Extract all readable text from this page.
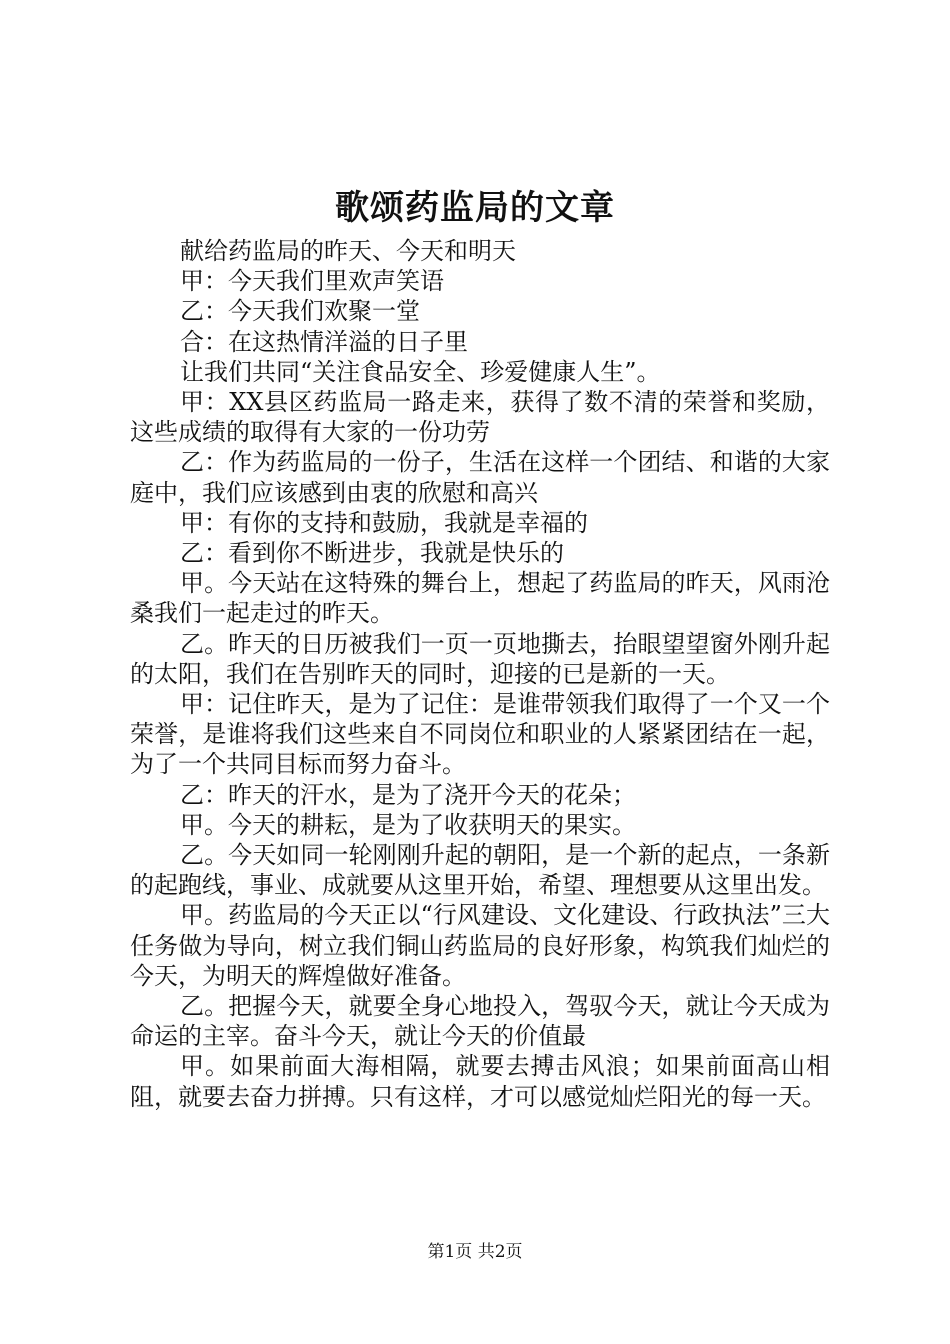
歌颂药监局的文章

献给药监局的昨天、今天和明天

甲：今天我们里欢声笑语

乙：今天我们欢聚一堂

合：在这热情洋溢的日子里

让我们共同“关注食品安全、珍爱健康人生”。

甲：XX县区药监局一路走来，获得了数不清的荣誉和奖励，这些成绩的取得有大家的一份功劳

乙：作为药监局的一份子，生活在这样一个团结、和谐的大家庭中，我们应该感到由衷的欣慰和高兴

甲：有你的支持和鼓励，我就是幸福的

乙：看到你不断进步，我就是快乐的

甲。今天站在这特殊的舞台上，想起了药监局的昨天，风雨沧桑我们一起走过的昨天。

乙。昨天的日历被我们一页一页地撕去，抬眼望望窗外刚升起的太阳，我们在告别昨天的同时，迎接的已是新的一天。

甲：记住昨天，是为了记住：是谁带领我们取得了一个又一个荣誉，是谁将我们这些来自不同岗位和职业的人紧紧团结在一起，为了一个共同目标而努力奋斗。

乙：昨天的汗水，是为了浇开今天的花朵；

甲。今天的耕耘，是为了收获明天的果实。

乙。今天如同一轮刚刚升起的朝阳，是一个新的起点，一条新的起跑线，事业、成就要从这里开始，希望、理想要从这里出发。

甲。药监局的今天正以“行风建设、文化建设、行政执法”三大任务做为导向，树立我们铜山药监局的良好形象，构筑我们灿烂的今天，为明天的辉煌做好准备。

乙。把握今天，就要全身心地投入，驾驭今天，就让今天成为命运的主宰。奋斗今天，就让今天的价值最

甲。如果前面大海相隔，就要去搏击风浪；如果前面高山相阻，就要去奋力拼搏。只有这样，才可以感觉灿烂阳光的每一天。

第1页 共2页
